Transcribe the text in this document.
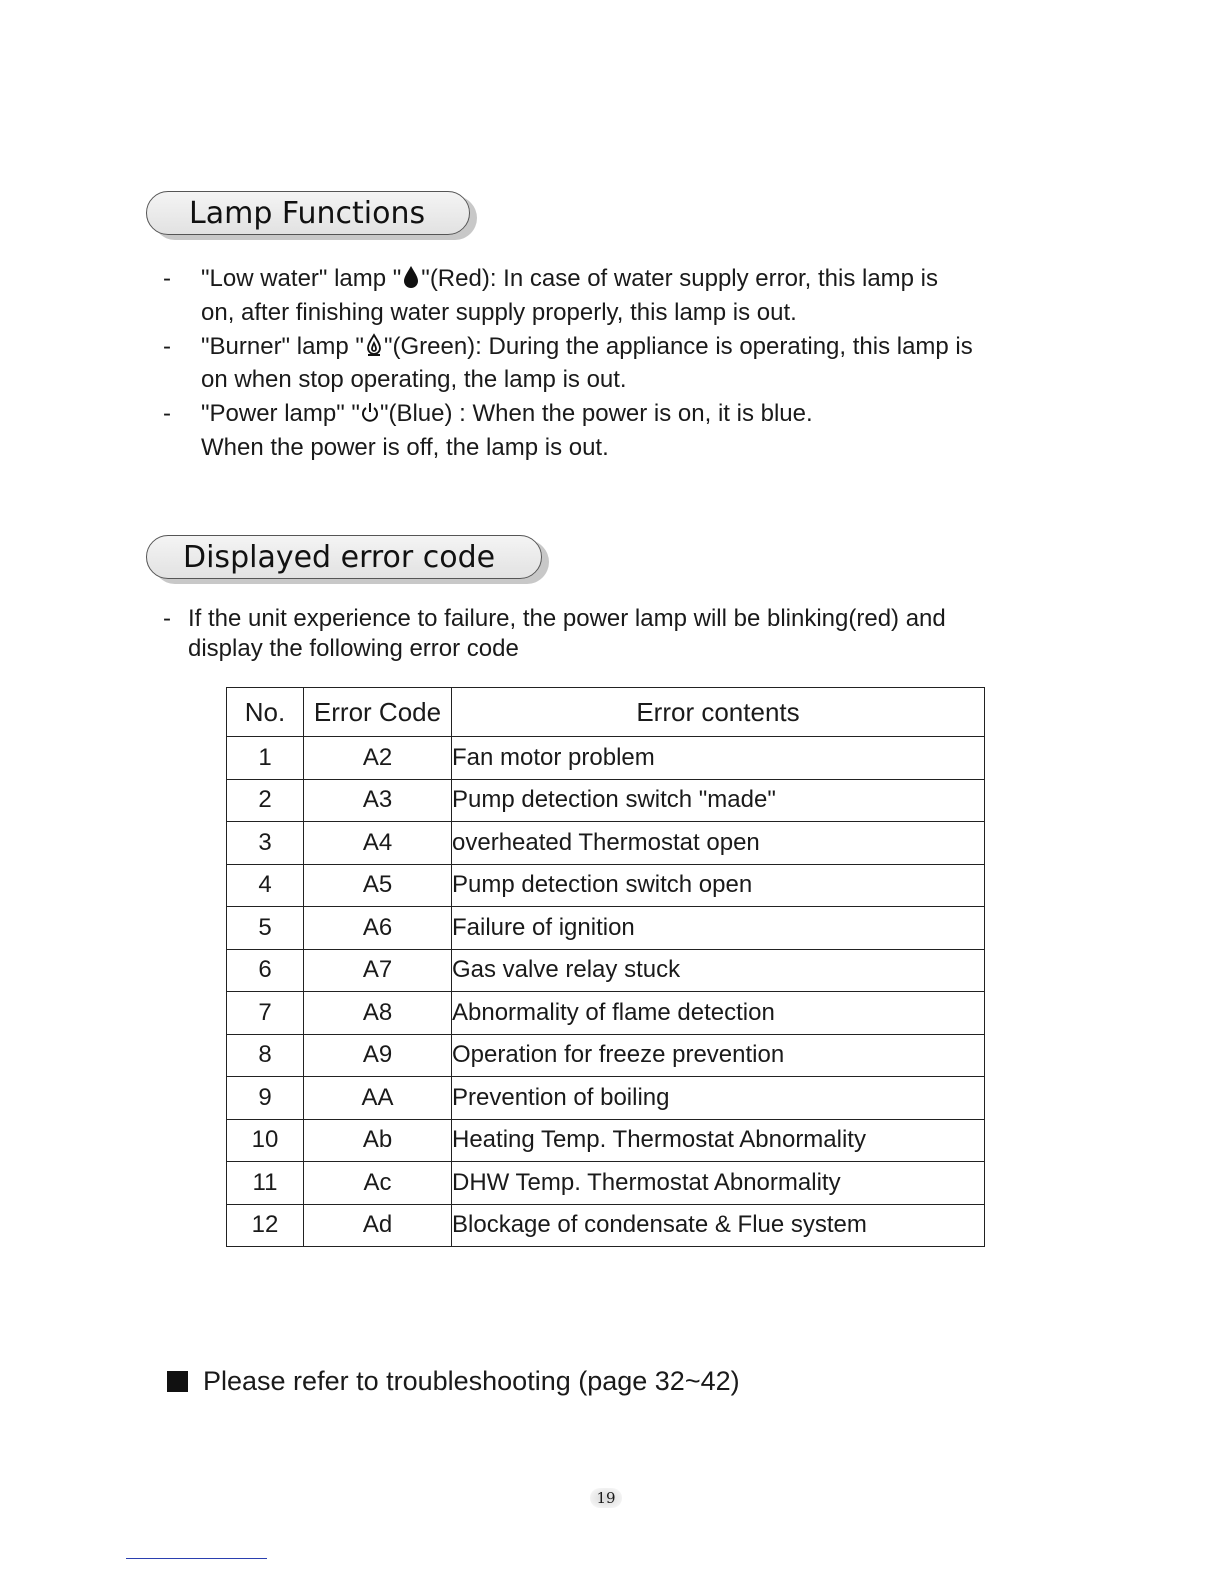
Lamp Functions
- "Low water" lamp " "(Red): In case of water supply error, this lamp is
on, after finishing water supply properly, this lamp is out.
- "Burner" lamp " "(Green): During the appliance is operating, this lamp is
on when stop operating, the lamp is out.
- "Power lamp" " "(Blue) : When the power is on, it is blue.
When the power is off, the lamp is out.
Displayed error code
- If the unit experience to failure, the power lamp will be blinking(red) and
display the following error code
No.	Error Code	Error contents
1	A2	Fan motor problem
2	A3	Pump detection switch "made"
3	A4	overheated Thermostat open
4	A5	Pump detection switch open
5	A6	Failure of ignition
6	A7	Gas valve relay stuck
7	A8	Abnormality of flame detection
8	A9	Operation for freeze prevention
9	AA	Prevention of boiling
10	Ab	Heating Temp. Thermostat Abnormality
11	Ac	DHW Temp. Thermostat Abnormality
12	Ad	Blockage of condensate & Flue system
Please refer to troubleshooting (page 32~42)
19
